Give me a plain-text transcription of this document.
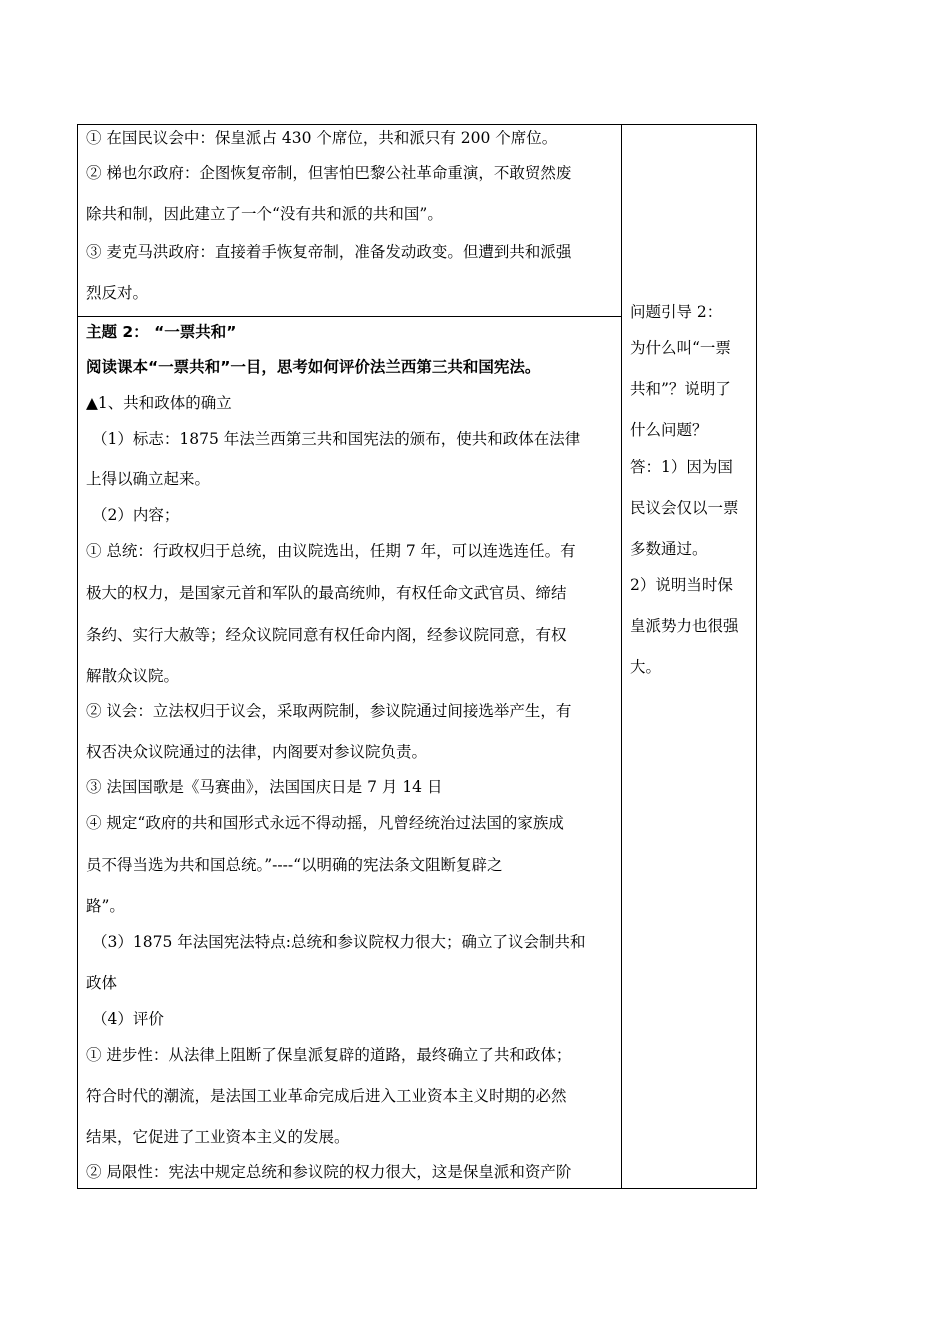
① 在国民议会中：保皇派占 430 个席位，共和派只有 200 个席位。
② 梯也尔政府：企图恢复帝制，但害怕巴黎公社革命重演，不敢贸然废
除共和制，因此建立了一个“没有共和派的共和国”。
③ 麦克马洪政府：直接着手恢复帝制，准备发动政变。但遭到共和派强
烈反对。
主题 2： “一票共和”
阅读课本“一票共和”一目，思考如何评价法兰西第三共和国宪法。
▲1、共和政体的确立
（1）标志：1875 年法兰西第三共和国宪法的颁布，使共和政体在法律
上得以确立起来。
（2）内容；
① 总统：行政权归于总统，由议院选出，任期 7 年，可以连选连任。有
极大的权力，是国家元首和军队的最高统帅，有权任命文武官员、缔结
条约、实行大赦等；经众议院同意有权任命内阁，经参议院同意，有权
解散众议院。
② 议会：立法权归于议会，采取两院制，参议院通过间接选举产生，有
权否决众议院通过的法律，内阁要对参议院负责。
③ 法国国歌是《马赛曲》，法国国庆日是 7 月 14 日
④ 规定“政府的共和国形式永远不得动摇，凡曾经统治过法国的家族成
员不得当选为共和国总统。”----“以明确的宪法条文阻断复辟之
路”。
（3）1875 年法国宪法特点:总统和参议院权力很大；确立了议会制共和
政体
（4）评价
① 进步性：从法律上阻断了保皇派复辟的道路，最终确立了共和政体；
符合时代的潮流，是法国工业革命完成后进入工业资本主义时期的必然
结果，它促进了工业资本主义的发展。
② 局限性：宪法中规定总统和参议院的权力很大，这是保皇派和资产阶
问题引导 2：
为什么叫“一票
共和”？说明了
什么问题？
答：1）因为国
民议会仅以一票
多数通过。
2）说明当时保
皇派势力也很强
大。
